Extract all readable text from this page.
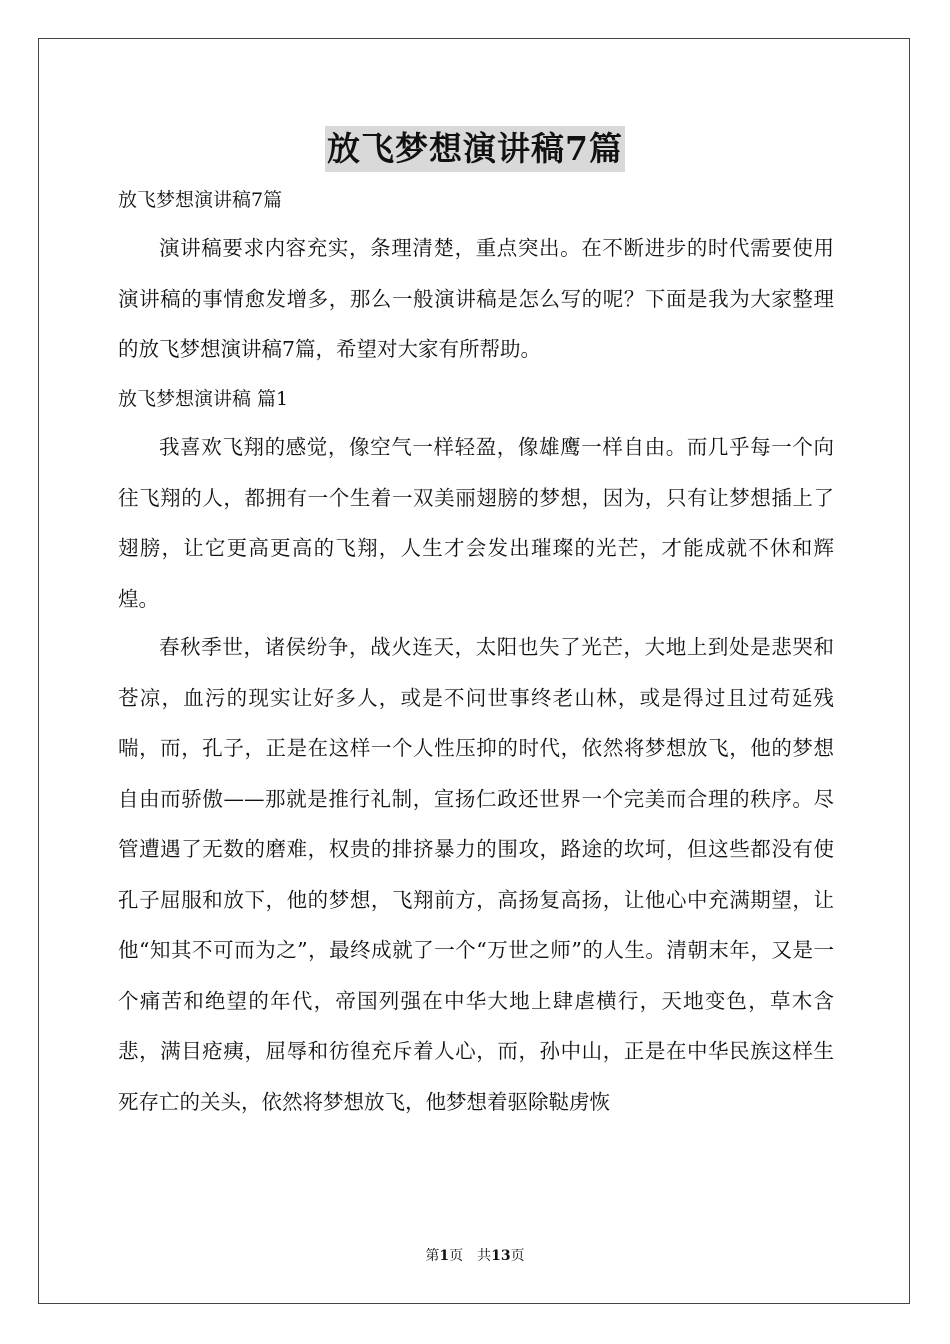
放飞梦想演讲稿7篇
放飞梦想演讲稿7篇

演讲稿要求内容充实，条理清楚，重点突出。在不断进步的时代需要使用演讲稿的事情愈发增多，那么一般演讲稿是怎么写的呢？下面是我为大家整理的放飞梦想演讲稿7篇，希望对大家有所帮助。

放飞梦想演讲稿 篇1

我喜欢飞翔的感觉，像空气一样轻盈，像雄鹰一样自由。而几乎每一个向往飞翔的人，都拥有一个生着一双美丽翅膀的梦想，因为，只有让梦想插上了翅膀，让它更高更高的飞翔，人生才会发出璀璨的光芒，才能成就不休和辉煌。

春秋季世，诸侯纷争，战火连天，太阳也失了光芒，大地上到处是悲哭和苍凉，血污的现实让好多人，或是不问世事终老山林，或是得过且过苟延残喘，而，孔子，正是在这样一个人性压抑的时代，依然将梦想放飞，他的梦想自由而骄傲——那就是推行礼制，宣扬仁政还世界一个完美而合理的秩序。尽管遭遇了无数的磨难，权贵的排挤暴力的围攻，路途的坎坷，但这些都没有使孔子屈服和放下，他的梦想，飞翔前方，高扬复高扬，让他心中充满期望，让他“知其不可而为之”，最终成就了一个“万世之师”的人生。清朝末年，又是一个痛苦和绝望的年代，帝国列强在中华大地上肆虐横行，天地变色，草木含悲，满目疮痍，屈辱和彷徨充斥着人心，而，孙中山，正是在中华民族这样生死存亡的关头，依然将梦想放飞，他梦想着驱除鞑虏恢

第1页　共13页
